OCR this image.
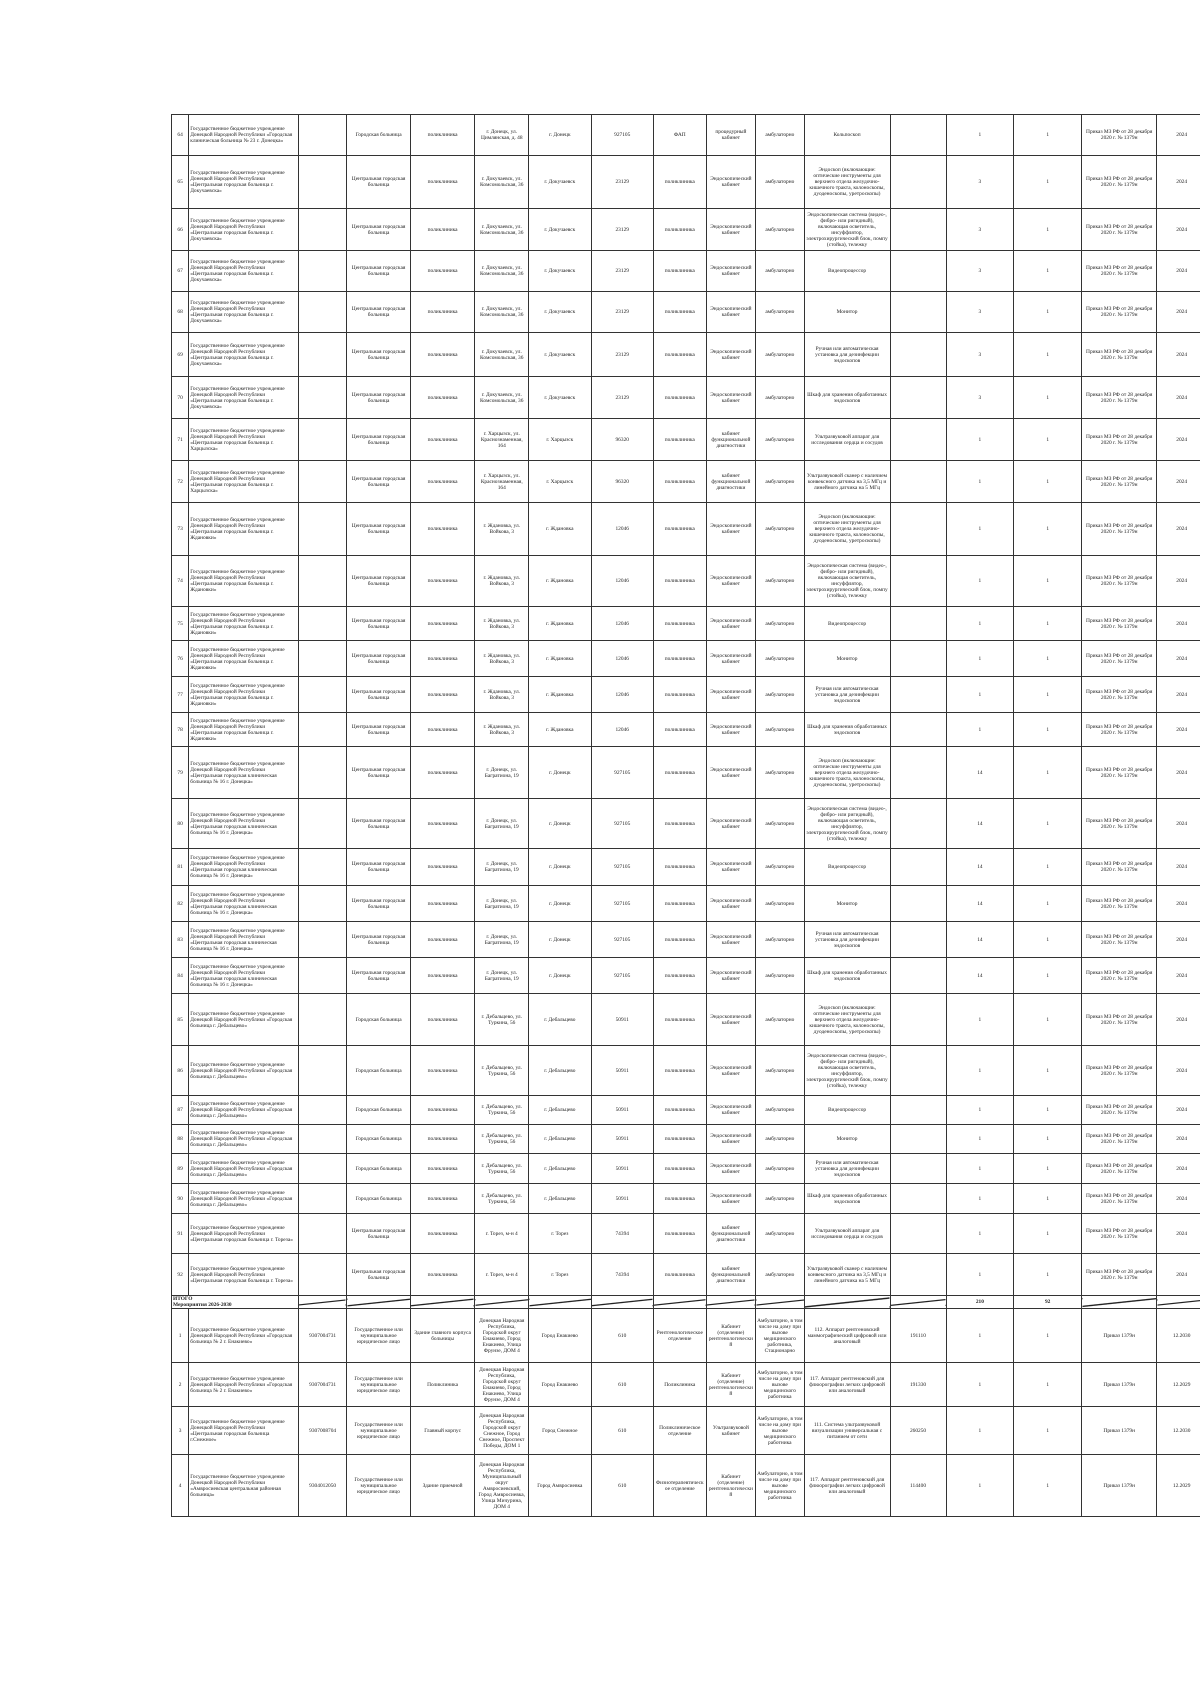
64	Государственное бюджетное учреждение Донецкой Народной Республики «Городская клиническая больница № 23 г. Донецка»		Городская больница	поликлиника	г. Донецк, ул. Цимлянская, д. 48	г. Донецк	927105	ФАП	процедурный кабинет	амбулаторно	Кольпоскоп		1	1	Приказ МЗ РФ от 28 декабря 2020 г. № 1379н	2024
65	Государственное бюджетное учреждение Донецкой Народной Республики «Центральная городская больница г. Докучаевска»		Центральная городская больница	поликлиника	г. Докучаевск, ул. Комсомольская, 36	г. Докучаевск	23129	поликлиника	Эндоскопический кабинет	амбулаторно	Эндоскоп (включающие: оптические инструменты для верхнего отдела желудочно-кишечного тракта, колоноскопы, дуоденоскопы, уретроскопы)		3	1	Приказ МЗ РФ от 28 декабря 2020 г. № 1379н	2024
66	Государственное бюджетное учреждение Донецкой Народной Республики «Центральная городская больница г. Докучаевска»		Центральная городская больница	поликлиника	г. Докучаевск, ул. Комсомольская, 36	г. Докучаевск	23129	поликлиника	Эндоскопический кабинет	амбулаторно	Эндоскопическая система (видео-, фибро- или ригидный), включающая осветитель, инсуффлятор, электрохирургический блок, помпу (стойка), тележку		3	1	Приказ МЗ РФ от 28 декабря 2020 г. № 1379н	2024
67	Государственное бюджетное учреждение Донецкой Народной Республики «Центральная городская больница г. Докучаевска»		Центральная городская больница	поликлиника	г. Докучаевск, ул. Комсомольская, 36	г. Докучаевск	23129	поликлиника	Эндоскопический кабинет	амбулаторно	Видеопроцессор		3	1	Приказ МЗ РФ от 28 декабря 2020 г. № 1379н	2024
68	Государственное бюджетное учреждение Донецкой Народной Республики «Центральная городская больница г. Докучаевска»		Центральная городская больница	поликлиника	г. Докучаевск, ул. Комсомольская, 36	г. Докучаевск	23129	поликлиника	Эндоскопический кабинет	амбулаторно	Монитор		3	1	Приказ МЗ РФ от 28 декабря 2020 г. № 1379н	2024
69	Государственное бюджетное учреждение Донецкой Народной Республики «Центральная городская больница г. Докучаевска»		Центральная городская больница	поликлиника	г. Докучаевск, ул. Комсомольская, 36	г. Докучаевск	23129	поликлиника	Эндоскопический кабинет	амбулаторно	Ручная или автоматическая установка для дезинфекции эндоскопов		3	1	Приказ МЗ РФ от 28 декабря 2020 г. № 1379н	2024
70	Государственное бюджетное учреждение Донецкой Народной Республики «Центральная городская больница г. Докучаевска»		Центральная городская больница	поликлиника	г. Докучаевск, ул. Комсомольская, 36	г. Докучаевск	23129	поликлиника	Эндоскопический кабинет	амбулаторно	Шкаф для хранения обработанных эндоскопов		3	1	Приказ МЗ РФ от 28 декабря 2020 г. № 1379н	2024
71	Государственное бюджетное учреждение Донецкой Народной Республики «Центральная городская больница г. Харцызска»		Центральная городская больница	поликлиника	г. Харцызск, ул. Краснознаменная, 164	г. Харцызск	96320	поликлиника	кабинет функциональной диагностики	амбулаторно	Ультразвуковой аппарат для исследования сердца и сосудов		1	1	Приказ МЗ РФ от 28 декабря 2020 г. № 1379н	2024
72	Государственное бюджетное учреждение Донецкой Народной Республики «Центральная городская больница г. Харцызска»		Центральная городская больница	поликлиника	г. Харцызск, ул. Краснознаменная, 164	г. Харцызск	96320	поликлиника	кабинет функциональной диагностики	амбулаторно	Ультразвуковой сканер с наличием конвексного датчика на 3,5 МГц и линейного датчика на 5 МГц		1	1	Приказ МЗ РФ от 28 декабря 2020 г. № 1379н	2024
73	Государственное бюджетное учреждение Донецкой Народной Республики «Центральная городская больница г. Ждановки»		Центральная городская больница	поликлиника	г. Ждановка, ул. Войкова, 3	г. Ждановка	12046	поликлиника	Эндоскопический кабинет	амбулаторно	Эндоскоп (включающие: оптические инструменты для верхнего отдела желудочно-кишечного тракта, колоноскопы, дуоденоскопы, уретроскопы)		1	1	Приказ МЗ РФ от 28 декабря 2020 г. № 1379н	2024
74	Государственное бюджетное учреждение Донецкой Народной Республики «Центральная городская больница г. Ждановки»		Центральная городская больница	поликлиника	г. Ждановка, ул. Войкова, 3	г. Ждановка	12046	поликлиника	Эндоскопический кабинет	амбулаторно	Эндоскопическая система (видео-, фибро- или ригидный), включающая осветитель, инсуффлятор, электрохирургический блок, помпу (стойка), тележку		1	1	Приказ МЗ РФ от 28 декабря 2020 г. № 1379н	2024
75	Государственное бюджетное учреждение Донецкой Народной Республики «Центральная городская больница г. Ждановки»		Центральная городская больница	поликлиника	г. Ждановка, ул. Войкова, 3	г. Ждановка	12046	поликлиника	Эндоскопический кабинет	амбулаторно	Видеопроцессор		1	1	Приказ МЗ РФ от 28 декабря 2020 г. № 1379н	2024
76	Государственное бюджетное учреждение Донецкой Народной Республики «Центральная городская больница г. Ждановки»		Центральная городская больница	поликлиника	г. Ждановка, ул. Войкова, 3	г. Ждановка	12046	поликлиника	Эндоскопический кабинет	амбулаторно	Монитор		1	1	Приказ МЗ РФ от 28 декабря 2020 г. № 1379н	2024
77	Государственное бюджетное учреждение Донецкой Народной Республики «Центральная городская больница г. Ждановки»		Центральная городская больница	поликлиника	г. Ждановка, ул. Войкова, 3	г. Ждановка	12046	поликлиника	Эндоскопический кабинет	амбулаторно	Ручная или автоматическая установка для дезинфекции эндоскопов		1	1	Приказ МЗ РФ от 28 декабря 2020 г. № 1379н	2024
78	Государственное бюджетное учреждение Донецкой Народной Республики «Центральная городская больница г. Ждановки»		Центральная городская больница	поликлиника	г. Ждановка, ул. Войкова, 3	г. Ждановка	12046	поликлиника	Эндоскопический кабинет	амбулаторно	Шкаф для хранения обработанных эндоскопов		1	1	Приказ МЗ РФ от 28 декабря 2020 г. № 1379н	2024
79	Государственное бюджетное учреждение Донецкой Народной Республики «Центральная городская клиническая больница № 16 г. Донецка»		Центральная городская больница	поликлиника	г. Донецк, ул. Багратиона, 19	г. Донецк	927105	поликлиника	Эндоскопический кабинет	амбулаторно	Эндоскоп (включающие: оптические инструменты для верхнего отдела желудочно-кишечного тракта, колоноскопы, дуоденоскопы, уретроскопы)		14	1	Приказ МЗ РФ от 28 декабря 2020 г. № 1379н	2024
80	Государственное бюджетное учреждение Донецкой Народной Республики «Центральная городская клиническая больница № 16 г. Донецка»		Центральная городская больница	поликлиника	г. Донецк, ул. Багратиона, 19	г. Донецк	927105	поликлиника	Эндоскопический кабинет	амбулаторно	Эндоскопическая система (видео-, фибро- или ригидный), включающая осветитель, инсуффлятор, электрохирургический блок, помпу (стойка), тележку		14	1	Приказ МЗ РФ от 28 декабря 2020 г. № 1379н	2024
81	Государственное бюджетное учреждение Донецкой Народной Республики «Центральная городская клиническая больница № 16 г. Донецка»		Центральная городская больница	поликлиника	г. Донецк, ул. Багратиона, 19	г. Донецк	927105	поликлиника	Эндоскопический кабинет	амбулаторно	Видеопроцессор		14	1	Приказ МЗ РФ от 28 декабря 2020 г. № 1379н	2024
82	Государственное бюджетное учреждение Донецкой Народной Республики «Центральная городская клиническая больница № 16 г. Донецка»		Центральная городская больница	поликлиника	г. Донецк, ул. Багратиона, 19	г. Донецк	927105	поликлиника	Эндоскопический кабинет	амбулаторно	Монитор		14	1	Приказ МЗ РФ от 28 декабря 2020 г. № 1379н	2024
83	Государственное бюджетное учреждение Донецкой Народной Республики «Центральная городская клиническая больница № 16 г. Донецка»		Центральная городская больница	поликлиника	г. Донецк, ул. Багратиона, 19	г. Донецк	927105	поликлиника	Эндоскопический кабинет	амбулаторно	Ручная или автоматическая установка для дезинфекции эндоскопов		14	1	Приказ МЗ РФ от 28 декабря 2020 г. № 1379н	2024
84	Государственное бюджетное учреждение Донецкой Народной Республики «Центральная городская клиническая больница № 16 г. Донецка»		Центральная городская больница	поликлиника	г. Донецк, ул. Багратиона, 19	г. Донецк	927105	поликлиника	Эндоскопический кабинет	амбулаторно	Шкаф для хранения обработанных эндоскопов		14	1	Приказ МЗ РФ от 28 декабря 2020 г. № 1379н	2024
85	Государственное бюджетное учреждение Донецкой Народной Республики «Городская больница г. Дебальцево»		Городская больница	поликлиника	г. Дебальцево, ул. Туркина, 56	г. Дебальцево	50911	поликлиника	Эндоскопический кабинет	амбулаторно	Эндоскоп (включающие: оптические инструменты для верхнего отдела желудочно-кишечного тракта, колоноскопы, дуоденоскопы, уретроскопы)		1	1	Приказ МЗ РФ от 28 декабря 2020 г. № 1379н	2024
86	Государственное бюджетное учреждение Донецкой Народной Республики «Городская больница г. Дебальцево»		Городская больница	поликлиника	г. Дебальцево, ул. Туркина, 56	г. Дебальцево	50911	поликлиника	Эндоскопический кабинет	амбулаторно	Эндоскопическая система (видео-, фибро- или ригидный), включающая осветитель, инсуффлятор, электрохирургический блок, помпу (стойка), тележку		1	1	Приказ МЗ РФ от 28 декабря 2020 г. № 1379н	2024
87	Государственное бюджетное учреждение Донецкой Народной Республики «Городская больница г. Дебальцево»		Городская больница	поликлиника	г. Дебальцево, ул. Туркина, 56	г. Дебальцево	50911	поликлиника	Эндоскопический кабинет	амбулаторно	Видеопроцессор		1	1	Приказ МЗ РФ от 28 декабря 2020 г. № 1379н	2024
88	Государственное бюджетное учреждение Донецкой Народной Республики «Городская больница г. Дебальцево»		Городская больница	поликлиника	г. Дебальцево, ул. Туркина, 56	г. Дебальцево	50911	поликлиника	Эндоскопический кабинет	амбулаторно	Монитор		1	1	Приказ МЗ РФ от 28 декабря 2020 г. № 1379н	2024
89	Государственное бюджетное учреждение Донецкой Народной Республики «Городская больница г. Дебальцево»		Городская больница	поликлиника	г. Дебальцево, ул. Туркина, 56	г. Дебальцево	50911	поликлиника	Эндоскопический кабинет	амбулаторно	Ручная или автоматическая установка для дезинфекции эндоскопов		1	1	Приказ МЗ РФ от 28 декабря 2020 г. № 1379н	2024
90	Государственное бюджетное учреждение Донецкой Народной Республики «Городская больница г. Дебальцево»		Городская больница	поликлиника	г. Дебальцево, ул. Туркина, 56	г. Дебальцево	50911	поликлиника	Эндоскопический кабинет	амбулаторно	Шкаф для хранения обработанных эндоскопов		1	1	Приказ МЗ РФ от 28 декабря 2020 г. № 1379н	2024
91	Государственное бюджетное учреждение Донецкой Народной Республики «Центральная городская больница г. Тореза»		Центральная городская больница	поликлиника	г. Торез, м-н 4	г. Торез	74394	поликлиника	кабинет функциональной диагностики	амбулаторно	Ультразвуковой аппарат для исследования сердца и сосудов		1	1	Приказ МЗ РФ от 28 декабря 2020 г. № 1379н	2024
92	Государственное бюджетное учреждение Донецкой Народной Республики «Центральная городская больница г. Тореза»		Центральная городская больница	поликлиника	г. Торез, м-н 4	г. Торез	74394	поликлиника	кабинет функциональной диагностики	амбулаторно	Ультразвуковой сканер с наличием конвексного датчика на 3,5 МГц и линейного датчика на 5 МГц		1	1	Приказ МЗ РФ от 28 декабря 2020 г. № 1379н	2024

ИТОГО
Мероприятия 2026-2030													210	92		
1	Государственное бюджетное учреждение Донецкой Народной Республики «Городская больница № 2 г. Енакиево»	9307004731	Государственное или муниципальное юридическое лицо	Здание главного корпуса больницы	Донецкая Народная Республика, Городской округ Енакиево, Город Енакиево, Улица Фрунзе, ДОМ 4	Город Енакиево	610	Рентгенологическое отделение	Кабинет (отделение) рентгенологический	Амбулаторно, в том числе на дому при вызове медицинского работника, Стационарно	112. Аппарат рентгеновский маммографический цифровой или аналоговый	191110	1	1	Приказ 1379н	12.2030
2	Государственное бюджетное учреждение Донецкой Народной Республики «Городская больница № 2 г. Енакиево»	9307004731	Государственное или муниципальное юридическое лицо	Поликлиника	Донецкая Народная Республика, Городской округ Енакиево, Город Енакиево, Улица Фрунзе, ДОМ 4	Город Енакиево	610	Поликлиника	Кабинет (отделение) рентгенологический	Амбулаторно, в том числе на дому при вызове медицинского работника	117. Аппарат рентгеновский для флюорографии легких цифровой или аналоговый	191330	1	1	Приказ 1379н	12.2029
3	Государственное бюджетное учреждение Донецкой Народной Республики «Центральная городская больница г.Снежное»	9307008704	Государственное или муниципальное юридическое лицо	Главный корпус	Донецкая Народная Республика, Городской округ Снежное, Город Снежное, Проспект Победы, ДОМ 1	Город Снежное	610	Поликлиническое отделение	Ультразвуковой кабинет	Амбулаторно, в том числе на дому при вызове медицинского работника	111. Система ультразвуковой визуализации универсальная с питанием от сети	260250	1	1	Приказ 1379н	12.2030
4	Государственное бюджетное учреждение Донецкой Народной Республики «Амвросиевская центральная районная больница»	9304012050	Государственное или муниципальное юридическое лицо	Здание приемной	Донецкая Народная Республика, Муниципальный округ Амвросиевский, Город Амвросиевка, Улица Мичурина, ДОМ 4	Город Амвросиевка	610	Физиотерапевтическое отделение	Кабинет (отделение) рентгенологический	Амбулаторно, в том числе на дому при вызове медицинского работника	117. Аппарат рентгеновский для флюорографии легких цифровой или аналоговый	114400	1	1	Приказ 1379н	12.2029
